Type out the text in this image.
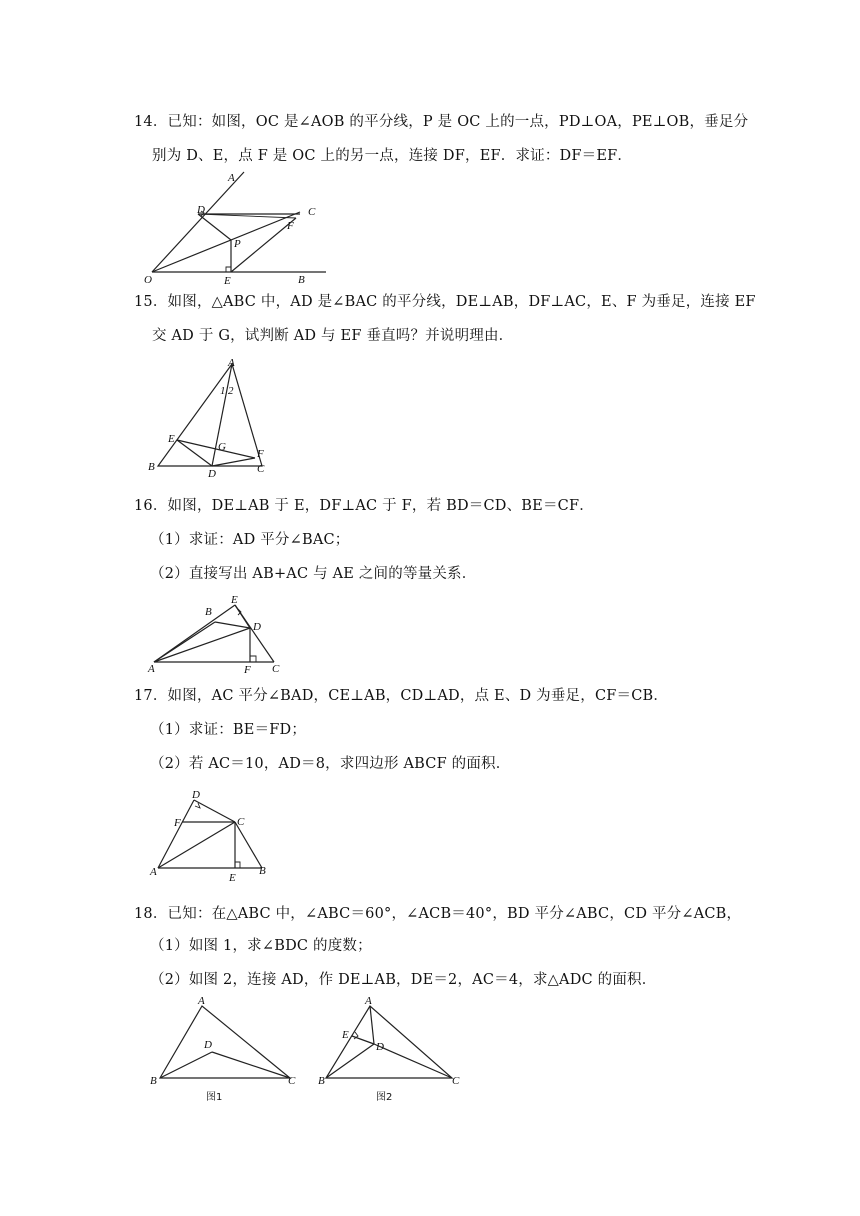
14．已知：如图，OC 是∠AOB 的平分线，P 是 OC 上的一点，PD⊥OA，PE⊥OB，垂足分
别为 D、E，点 F 是 OC 上的另一点，连接 DF，EF．求证：DF＝EF．
A
D	C
F
P
O	E	B
15．如图，△ABC 中，AD 是∠BAC 的平分线，DE⊥AB，DF⊥AC，E、F 为垂足，连接 EF
交 AD 于 G，试判断 AD 与 EF 垂直吗？并说明理由．
A
1 2
E
G
F
B
D	C
16．如图，DE⊥AB 于 E，DF⊥AC 于 F，若 BD＝CD、BE＝CF．
（1）求证：AD 平分∠BAC；
（2）直接写出 AB+AC 与 AE 之间的等量关系．
E
B
D
A	F C
17．如图，AC 平分∠BAD，CE⊥AB，CD⊥AD，点 E、D 为垂足，CF＝CB．
（1）求证：BE＝FD；
（2）若 AC＝10，AD＝8，求四边形 ABCF 的面积．
D
F	C
A	E
B
18．已知：在△ABC 中，∠ABC＝60°，∠ACB＝40°，BD 平分∠ABC，CD 平分∠ACB，
（1）如图 1，求∠BDC 的度数；
（2）如图 2，连接 AD，作 DE⊥AB，DE＝2，AC＝4，求△ADC 的面积．
A
D
B	C
图1
A
E
D
B	C
图2
